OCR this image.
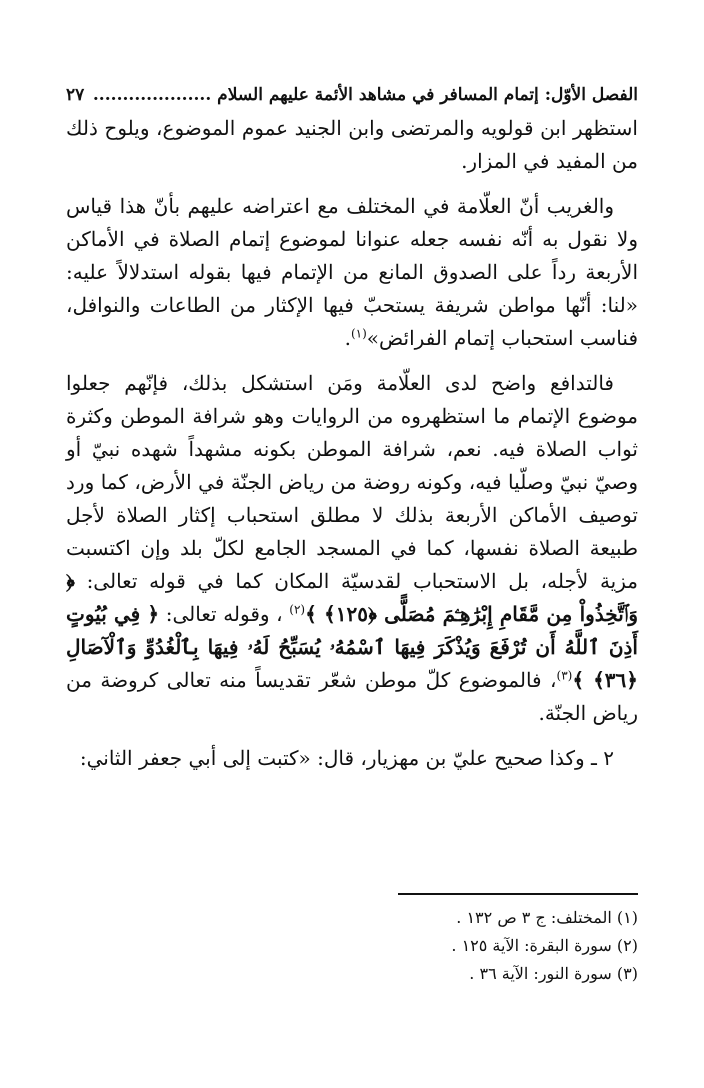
الفصل الأوّل: إتمام المسافر في مشاهد الأئمة عليهم السلام ....................
٢٧

استظهر ابن قولويه والمرتضى وابن الجنيد عموم الموضوع، ويلوح ذلك من المفيد في المزار.

والغريب أنّ العلّامة في المختلف مع اعتراضه عليهم بأنّ هذا قياس ولا نقول به أنّه نفسه‏‏ جعله عنوانا لموضوع إتمام الصلاة في الأماكن الأربعة رداً على الصدوق المانع من الإتمام فيها بقوله استدلالاً عليه: «لنا: أنّها مواطن شريفة يستحبّ فيها الإكثار من الطاعات والنوافل، فناسب استحباب إتمام الفرائض»$^{(١)}$.

فالتدافع واضح لدى العلّامة‏ ومَن استشكل بذلك، فإنّهم جعلوا موضوع الإتمام ما استظهروه من الروايات وهو شرافة الموطن وكثرة ثواب الصلاة فيه. نعم، شرافة الموطن بكونه مشهداً شهده نبيّ أو وصيّ نبيّ وصلّيا فيه، وكونه روضة من رياض الجنّة في الأرض، كما ورد توصيف الأماكن الأربعة بذلك لا مطلق استحباب إكثار الصلاة لأجل طبيعة الصلاة نفسها، كما في المسجد الجامع لكلّ بلد وإن اكتسبت مزية لأجله، بل الاستحباب لقدسيّة المكان كما في قوله تعالى: ﴿ وَٱتَّخِذُواْ مِن مَّقَامِ إِبْرَٰهِـۧمَ مُصَلًّى ﴿١٢٥﴾ ﴾$^{(٢)}$ ، وقوله تعالى: ﴿ فِي بُيُوتٍ أَذِنَ ٱللَّهُ أَن تُرْفَعَ وَيُذْكَرَ فِيهَا ٱسْمُهُۥ يُسَبِّحُ لَهُۥ فِيهَا بِٱلْغُدُوِّ وَٱلْآصَالِ ﴿٣٦﴾ ﴾$^{(٣)}$، فالموضوع كلّ موطن شعّر تقديساً منه تعالى كروضة من رياض الجنّة.

٢ ـ وكذا صحيح عليّ بن مهزيار، قال: «كتبت إلى أبي جعفر الثاني‏:

(١) المختلف: ج ٣ ص ١٣٢ .
(٢) سورة البقرة: الآية ١٢٥ .
(٣) سورة النور: الآية ٣٦ .
